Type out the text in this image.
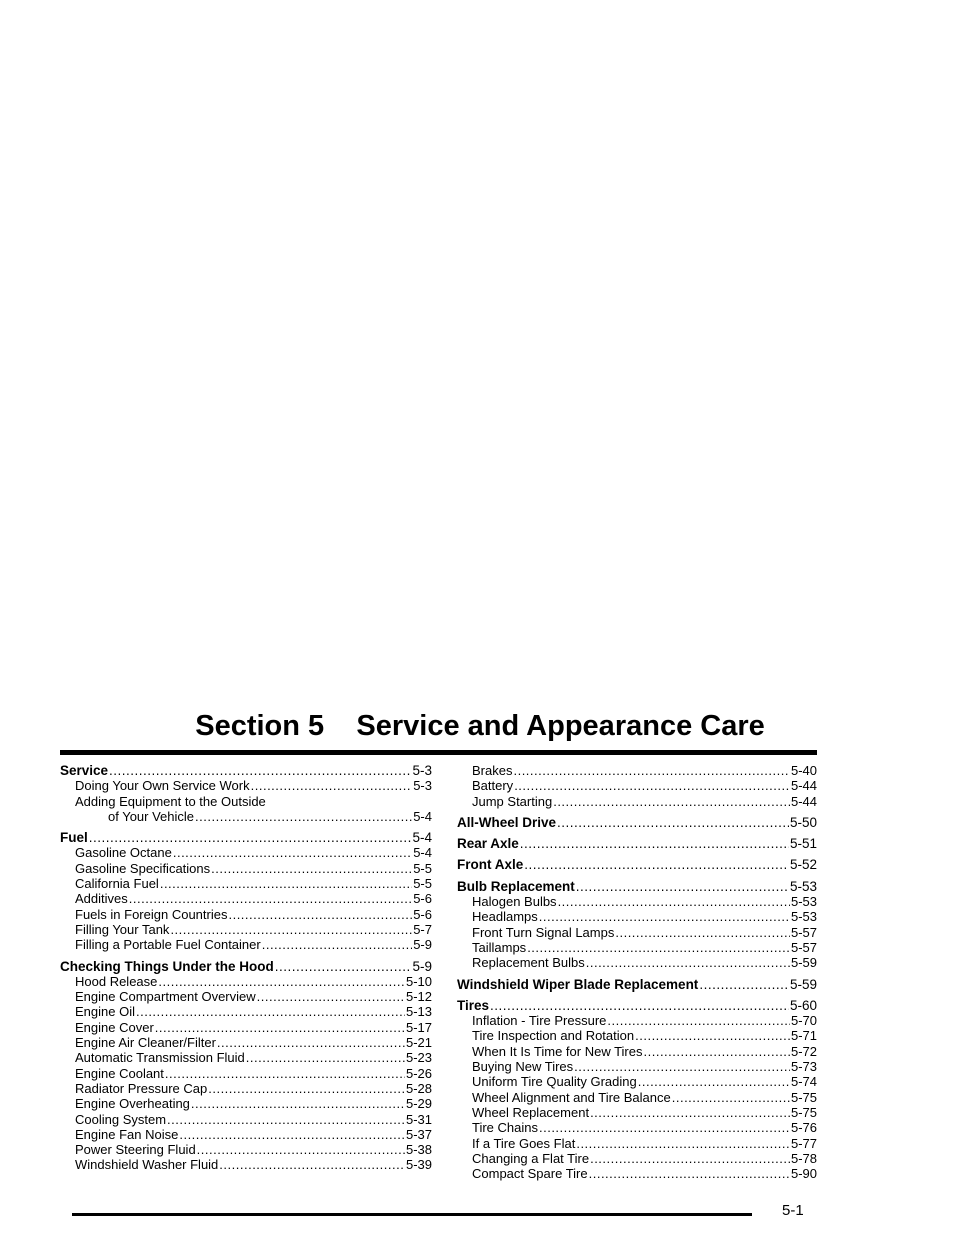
Section 5    Service and Appearance Care
Service .....	5-3
Doing Your Own Service Work .....	5-3
Adding Equipment to the Outside
of Your Vehicle .....	5-4
Fuel .....	5-4
Gasoline Octane .....	5-4
Gasoline Specifications .....	5-5
California Fuel .....	5-5
Additives .....	5-6
Fuels in Foreign Countries .....	5-6
Filling Your Tank .....	5-7
Filling a Portable Fuel Container .....	5-9
Checking Things Under the Hood .....	5-9
Hood Release .....	5-10
Engine Compartment Overview .....	5-12
Engine Oil .....	5-13
Engine Cover .....	5-17
Engine Air Cleaner/Filter .....	5-21
Automatic Transmission Fluid .....	5-23
Engine Coolant .....	5-26
Radiator Pressure Cap .....	5-28
Engine Overheating .....	5-29
Cooling System .....	5-31
Engine Fan Noise .....	5-37
Power Steering Fluid .....	5-38
Windshield Washer Fluid .....	5-39
Brakes .....	5-40
Battery .....	5-44
Jump Starting .....	5-44
All-Wheel Drive .....	5-50
Rear Axle .....	5-51
Front Axle .....	5-52
Bulb Replacement .....	5-53
Halogen Bulbs .....	5-53
Headlamps .....	5-53
Front Turn Signal Lamps .....	5-57
Taillamps .....	5-57
Replacement Bulbs .....	5-59
Windshield Wiper Blade Replacement .....	5-59
Tires .....	5-60
Inflation - Tire Pressure .....	5-70
Tire Inspection and Rotation .....	5-71
When It Is Time for New Tires .....	5-72
Buying New Tires .....	5-73
Uniform Tire Quality Grading .....	5-74
Wheel Alignment and Tire Balance .....	5-75
Wheel Replacement .....	5-75
Tire Chains .....	5-76
If a Tire Goes Flat .....	5-77
Changing a Flat Tire .....	5-78
Compact Spare Tire .....	5-90
5-1
